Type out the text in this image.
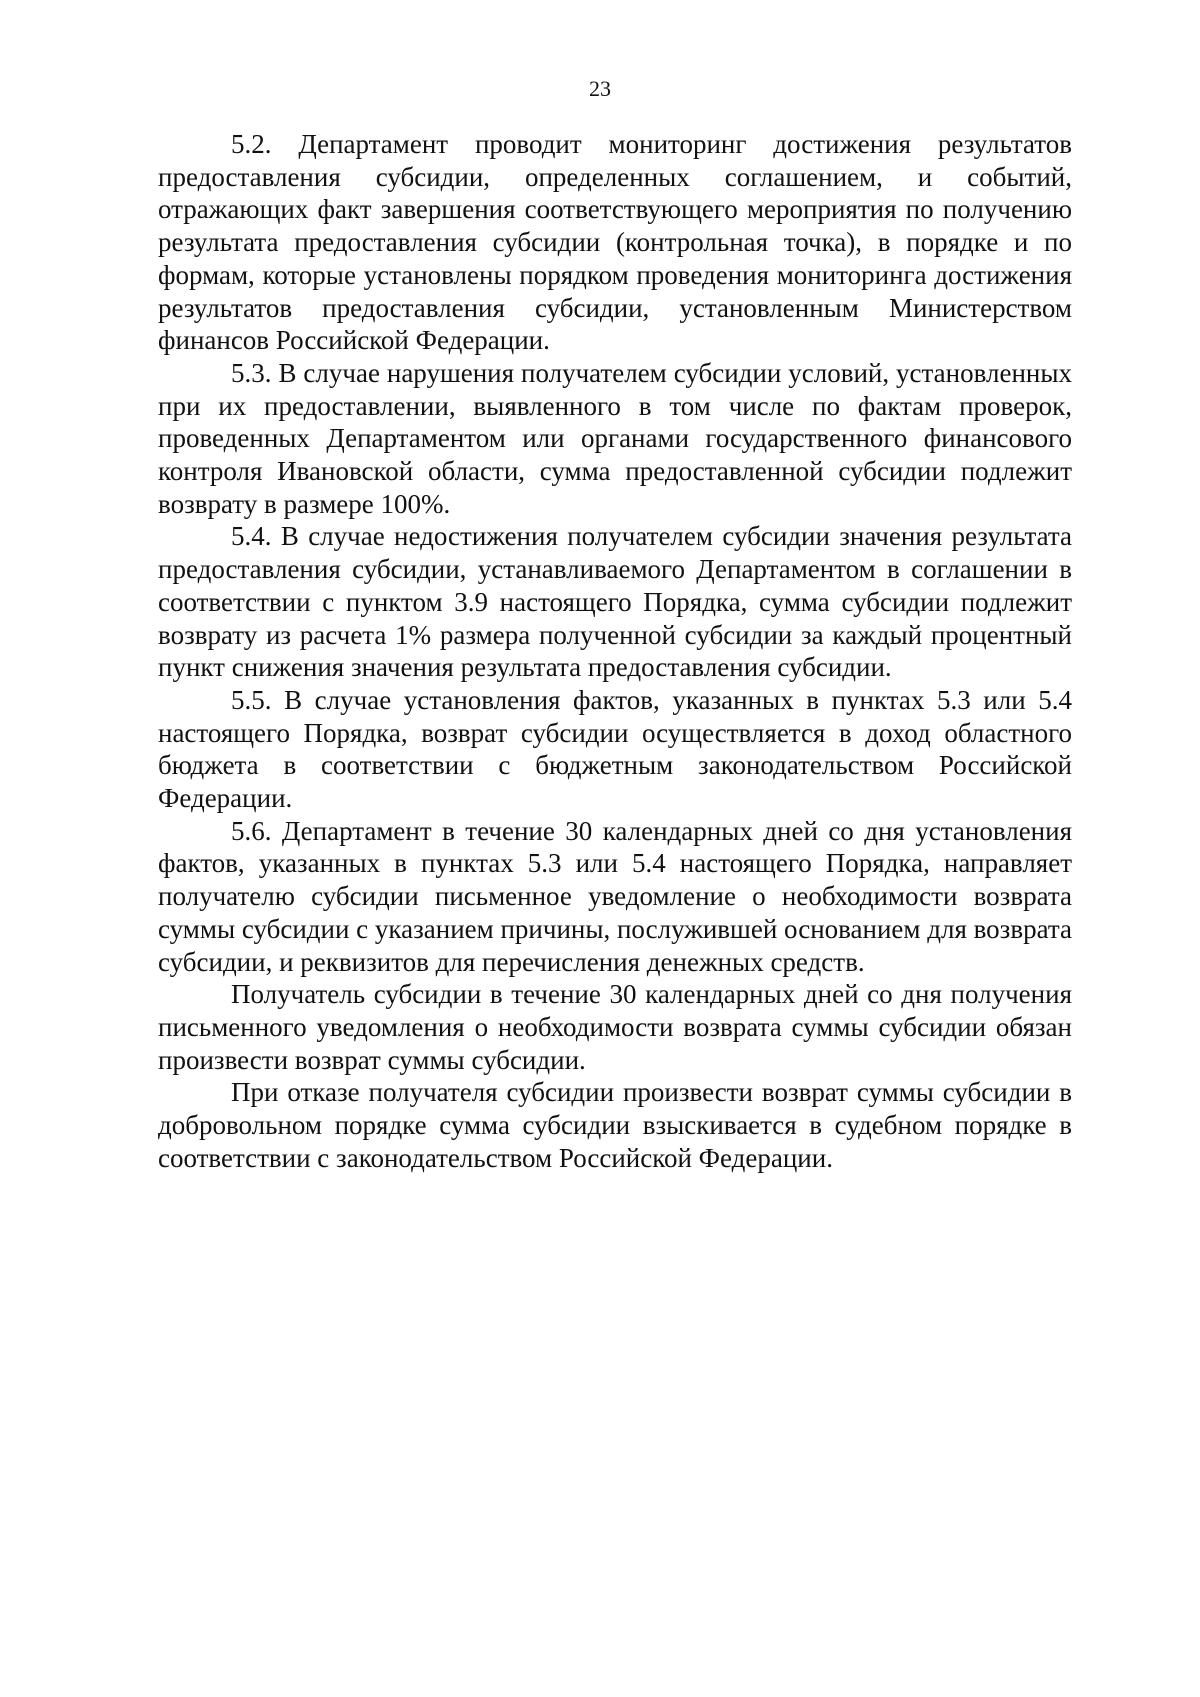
23

5.2. Департамент проводит мониторинг достижения результатов предоставления субсидии, определенных соглашением, и событий, отражающих факт завершения соответствующего мероприятия по получению результата предоставления субсидии (контрольная точка), в порядке и по формам, которые установлены порядком проведения мониторинга достижения результатов предоставления субсидии, установленным Министерством финансов Российской Федерации.

5.3. В случае нарушения получателем субсидии условий, установленных при их предоставлении, выявленного в том числе по фактам проверок, проведенных Департаментом или органами государственного финансового контроля Ивановской области, сумма предоставленной субсидии подлежит возврату в размере 100%.

5.4. В случае недостижения получателем субсидии значения результата предоставления субсидии, устанавливаемого Департаментом в соглашении в соответствии с пунктом 3.9 настоящего Порядка, сумма субсидии подлежит возврату из расчета 1% размера полученной субсидии за каждый процентный пункт снижения значения результата предоставления субсидии.

5.5. В случае установления фактов, указанных в пунктах 5.3 или 5.4 настоящего Порядка, возврат субсидии осуществляется в доход областного бюджета в соответствии с бюджетным законодательством Российской Федерации.

5.6. Департамент в течение 30 календарных дней со дня установления фактов, указанных в пунктах 5.3 или 5.4 настоящего Порядка, направляет получателю субсидии письменное уведомление о необходимости возврата суммы субсидии с указанием причины, послужившей основанием для возврата субсидии, и реквизитов для перечисления денежных средств.

Получатель субсидии в течение 30 календарных дней со дня получения письменного уведомления о необходимости возврата суммы субсидии обязан произвести возврат суммы субсидии.

При отказе получателя субсидии произвести возврат суммы субсидии в добровольном порядке сумма субсидии взыскивается в судебном порядке в соответствии с законодательством Российской Федерации.
